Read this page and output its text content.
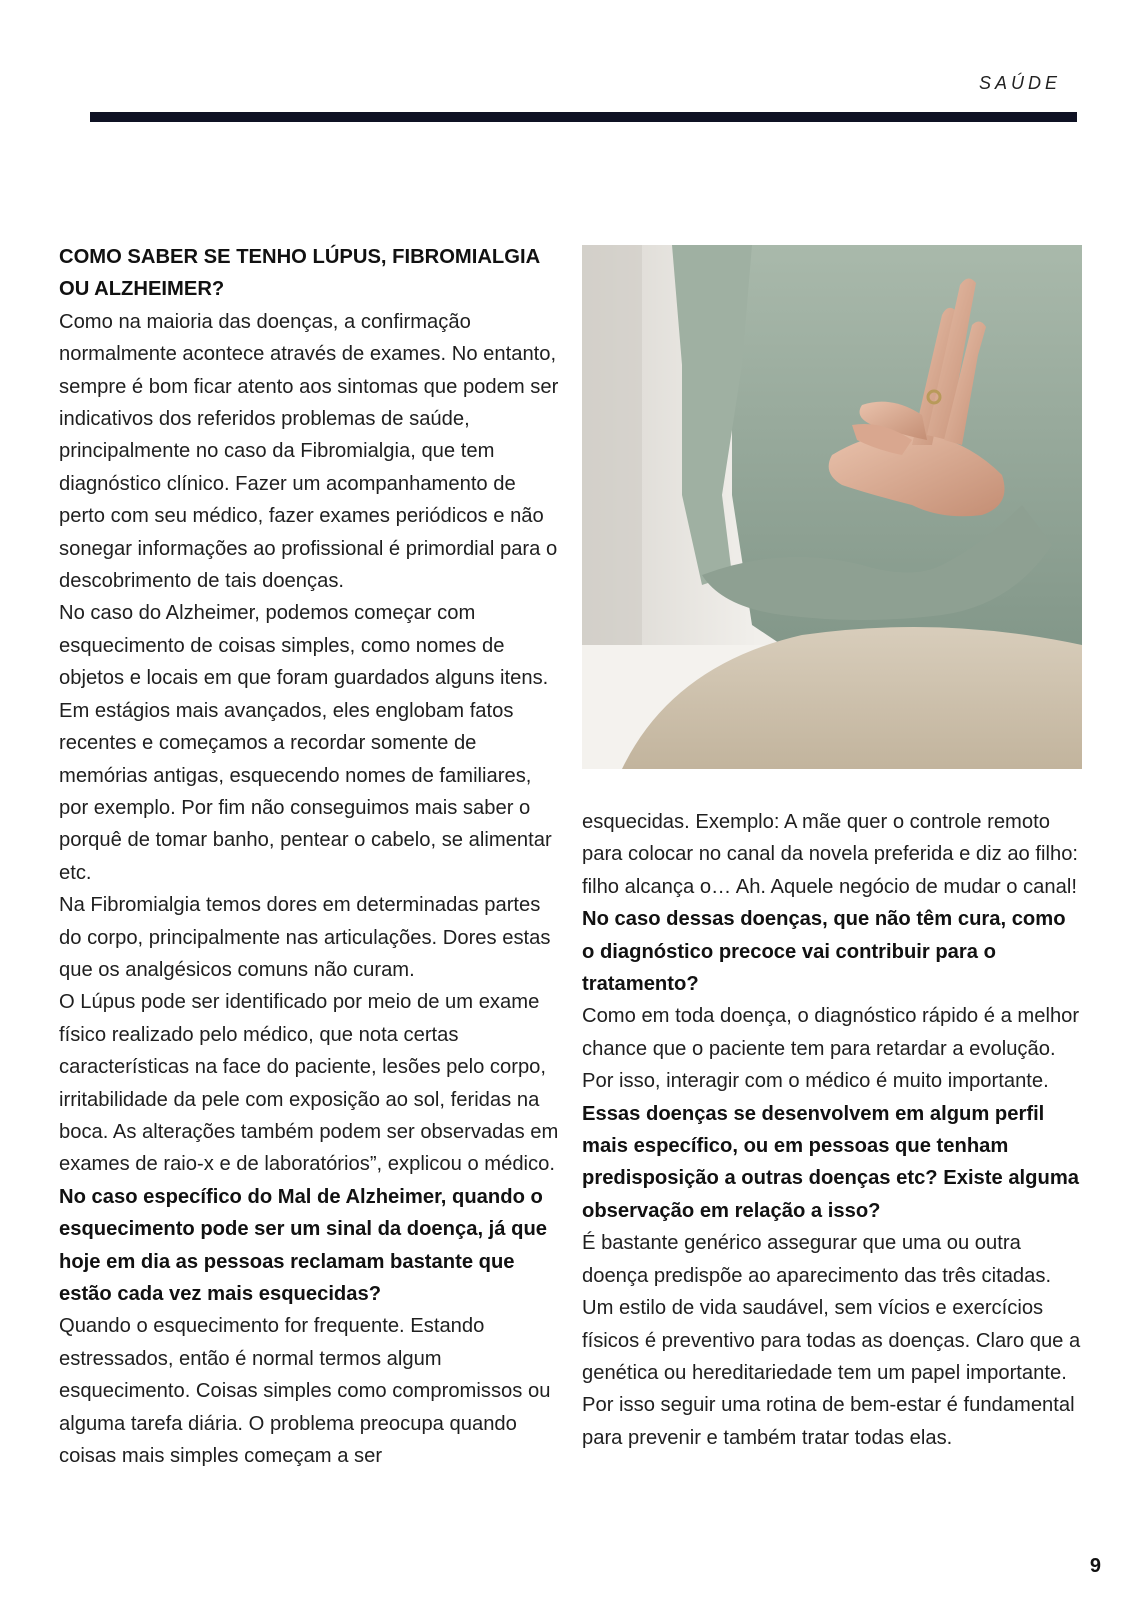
SAÚDE

COMO SABER SE TENHO LÚPUS, FIBROMIALGIA OU ALZHEIMER?

Como na maioria das doenças, a confirmação normalmente acontece através de exames. No entanto, sempre é bom ficar atento aos sintomas que podem ser indicativos dos referidos problemas de saúde, principalmente no caso da Fibromialgia, que tem diagnóstico clínico. Fazer um acompanhamento de perto com seu médico, fazer exames periódicos e não sonegar informações ao profissional é primordial para o descobrimento de tais doenças.

No caso do Alzheimer, podemos começar com esquecimento de coisas simples, como nomes de objetos e locais em que foram guardados alguns itens. Em estágios mais avançados, eles englobam fatos recentes e começamos a recordar somente de memórias antigas, esquecendo nomes de familiares, por exemplo. Por fim não conseguimos mais saber o porquê de tomar banho, pentear o cabelo, se alimentar etc.

Na Fibromialgia temos dores em determinadas partes do corpo, principalmente nas articulações. Dores estas que os analgésicos comuns não curam.

O Lúpus pode ser identificado por meio de um exame físico realizado pelo médico, que nota certas características na face do paciente, lesões pelo corpo, irritabilidade da pele com exposição ao sol, feridas na boca. As alterações também podem ser observadas em exames de raio-x e de laboratórios”, explicou o médico.

No caso específico do Mal de Alzheimer, quando o esquecimento pode ser um sinal da doença, já que hoje em dia as pessoas reclamam bastante que estão cada vez mais esquecidas?

Quando o esquecimento for frequente. Estando estressados, então é normal termos algum esquecimento. Coisas simples como compromissos ou alguma tarefa diária. O problema preocupa quando coisas mais simples começam a ser

esquecidas. Exemplo: A mãe quer o controle remoto para colocar no canal da novela preferida e diz ao filho: filho alcança o… Ah. Aquele negócio de mudar o canal!

No caso dessas doenças, que não têm cura, como o diagnóstico precoce vai contribuir para o tratamento?

Como em toda doença, o diagnóstico rápido é a melhor chance que o paciente tem para retardar a evolução. Por isso, interagir com o médico é muito importante.

Essas doenças se desenvolvem em algum perfil mais específico, ou em pessoas que tenham predisposição a outras doenças etc? Existe alguma observação em relação a isso?

É bastante genérico assegurar que uma ou outra doença predispõe ao aparecimento das três citadas. Um estilo de vida saudável, sem vícios e exercícios físicos é preventivo para todas as doenças. Claro que a genética ou hereditariedade tem um papel importante. Por isso seguir uma rotina de bem-estar é fundamental para prevenir e também tratar todas elas.

9
